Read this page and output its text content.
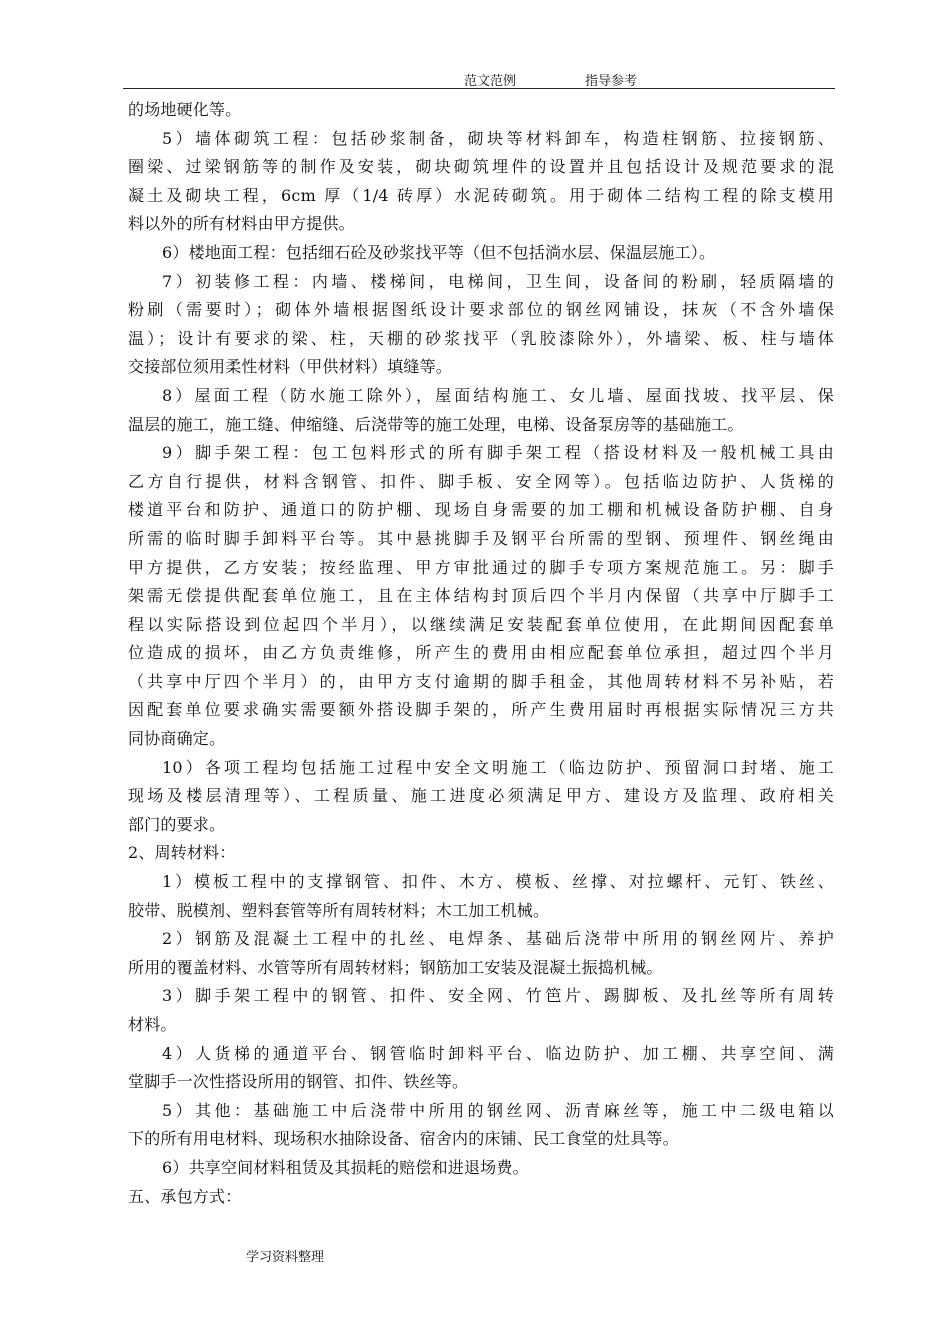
范文范例	指导参考
的场地硬化等。
5）墙体砌筑工程：包括砂浆制备，砌块等材料卸车，构造柱钢筋、拉接钢筋、
圈梁、过梁钢筋等的制作及安装，砌块砌筑埋件的设置并且包括设计及规范要求的混
凝土及砌块工程，6cm 厚（1/4 砖厚）水泥砖砌筑。用于砌体二结构工程的除支模用
料以外的所有材料由甲方提供。
6）楼地面工程：包括细石砼及砂浆找平等（但不包括淌水层、保温层施工）。
7）初装修工程：内墙、楼梯间，电梯间，卫生间，设备间的粉刷，轻质隔墙的
粉刷（需要时）；砌体外墙根据图纸设计要求部位的钢丝网铺设，抹灰（不含外墙保
温）；设计有要求的梁、柱，天棚的砂浆找平（乳胶漆除外），外墙梁、板、柱与墙体
交接部位须用柔性材料（甲供材料）填缝等。
8）屋面工程（防水施工除外），屋面结构施工、女儿墙、屋面找坡、找平层、保
温层的施工，施工缝、伸缩缝、后浇带等的施工处理，电梯、设备泵房等的基础施工。
9）脚手架工程：包工包料形式的所有脚手架工程（搭设材料及一般机械工具由
乙方自行提供，材料含钢管、扣件、脚手板、安全网等）。包括临边防护、人货梯的
楼道平台和防护、通道口的防护棚、现场自身需要的加工棚和机械设备防护棚、自身
所需的临时脚手卸料平台等。其中悬挑脚手及钢平台所需的型钢、预埋件、钢丝绳由
甲方提供，乙方安装；按经监理、甲方审批通过的脚手专项方案规范施工。另：脚手
架需无偿提供配套单位施工，且在主体结构封顶后四个半月内保留（共享中厅脚手工
程以实际搭设到位起四个半月），以继续满足安装配套单位使用，在此期间因配套单
位造成的损坏，由乙方负责维修，所产生的费用由相应配套单位承担，超过四个半月
（共享中厅四个半月）的，由甲方支付逾期的脚手租金，其他周转材料不另补贴，若
因配套单位要求确实需要额外搭设脚手架的，所产生费用届时再根据实际情况三方共
同协商确定。
10）各项工程均包括施工过程中安全文明施工（临边防护、预留洞口封堵、施工
现场及楼层清理等）、工程质量、施工进度必须满足甲方、建设方及监理、政府相关
部门的要求。
2、周转材料：
1）模板工程中的支撑钢管、扣件、木方、模板、丝撑、对拉螺杆、元钉、铁丝、
胶带、脱模剂、塑料套管等所有周转材料；木工加工机械。
2）钢筋及混凝土工程中的扎丝、电焊条、基础后浇带中所用的钢丝网片、养护
所用的覆盖材料、水管等所有周转材料；钢筋加工安装及混凝土振捣机械。
3）脚手架工程中的钢管、扣件、安全网、竹笆片、踢脚板、及扎丝等所有周转
材料。
4）人货梯的通道平台、钢管临时卸料平台、临边防护、加工棚、共享空间、满
堂脚手一次性搭设所用的钢管、扣件、铁丝等。
5）其他：基础施工中后浇带中所用的钢丝网、沥青麻丝等，施工中二级电箱以
下的所有用电材料、现场积水抽除设备、宿舍内的床铺、民工食堂的灶具等。
6）共享空间材料租赁及其损耗的赔偿和进退场费。
五、承包方式：
学习资料整理
